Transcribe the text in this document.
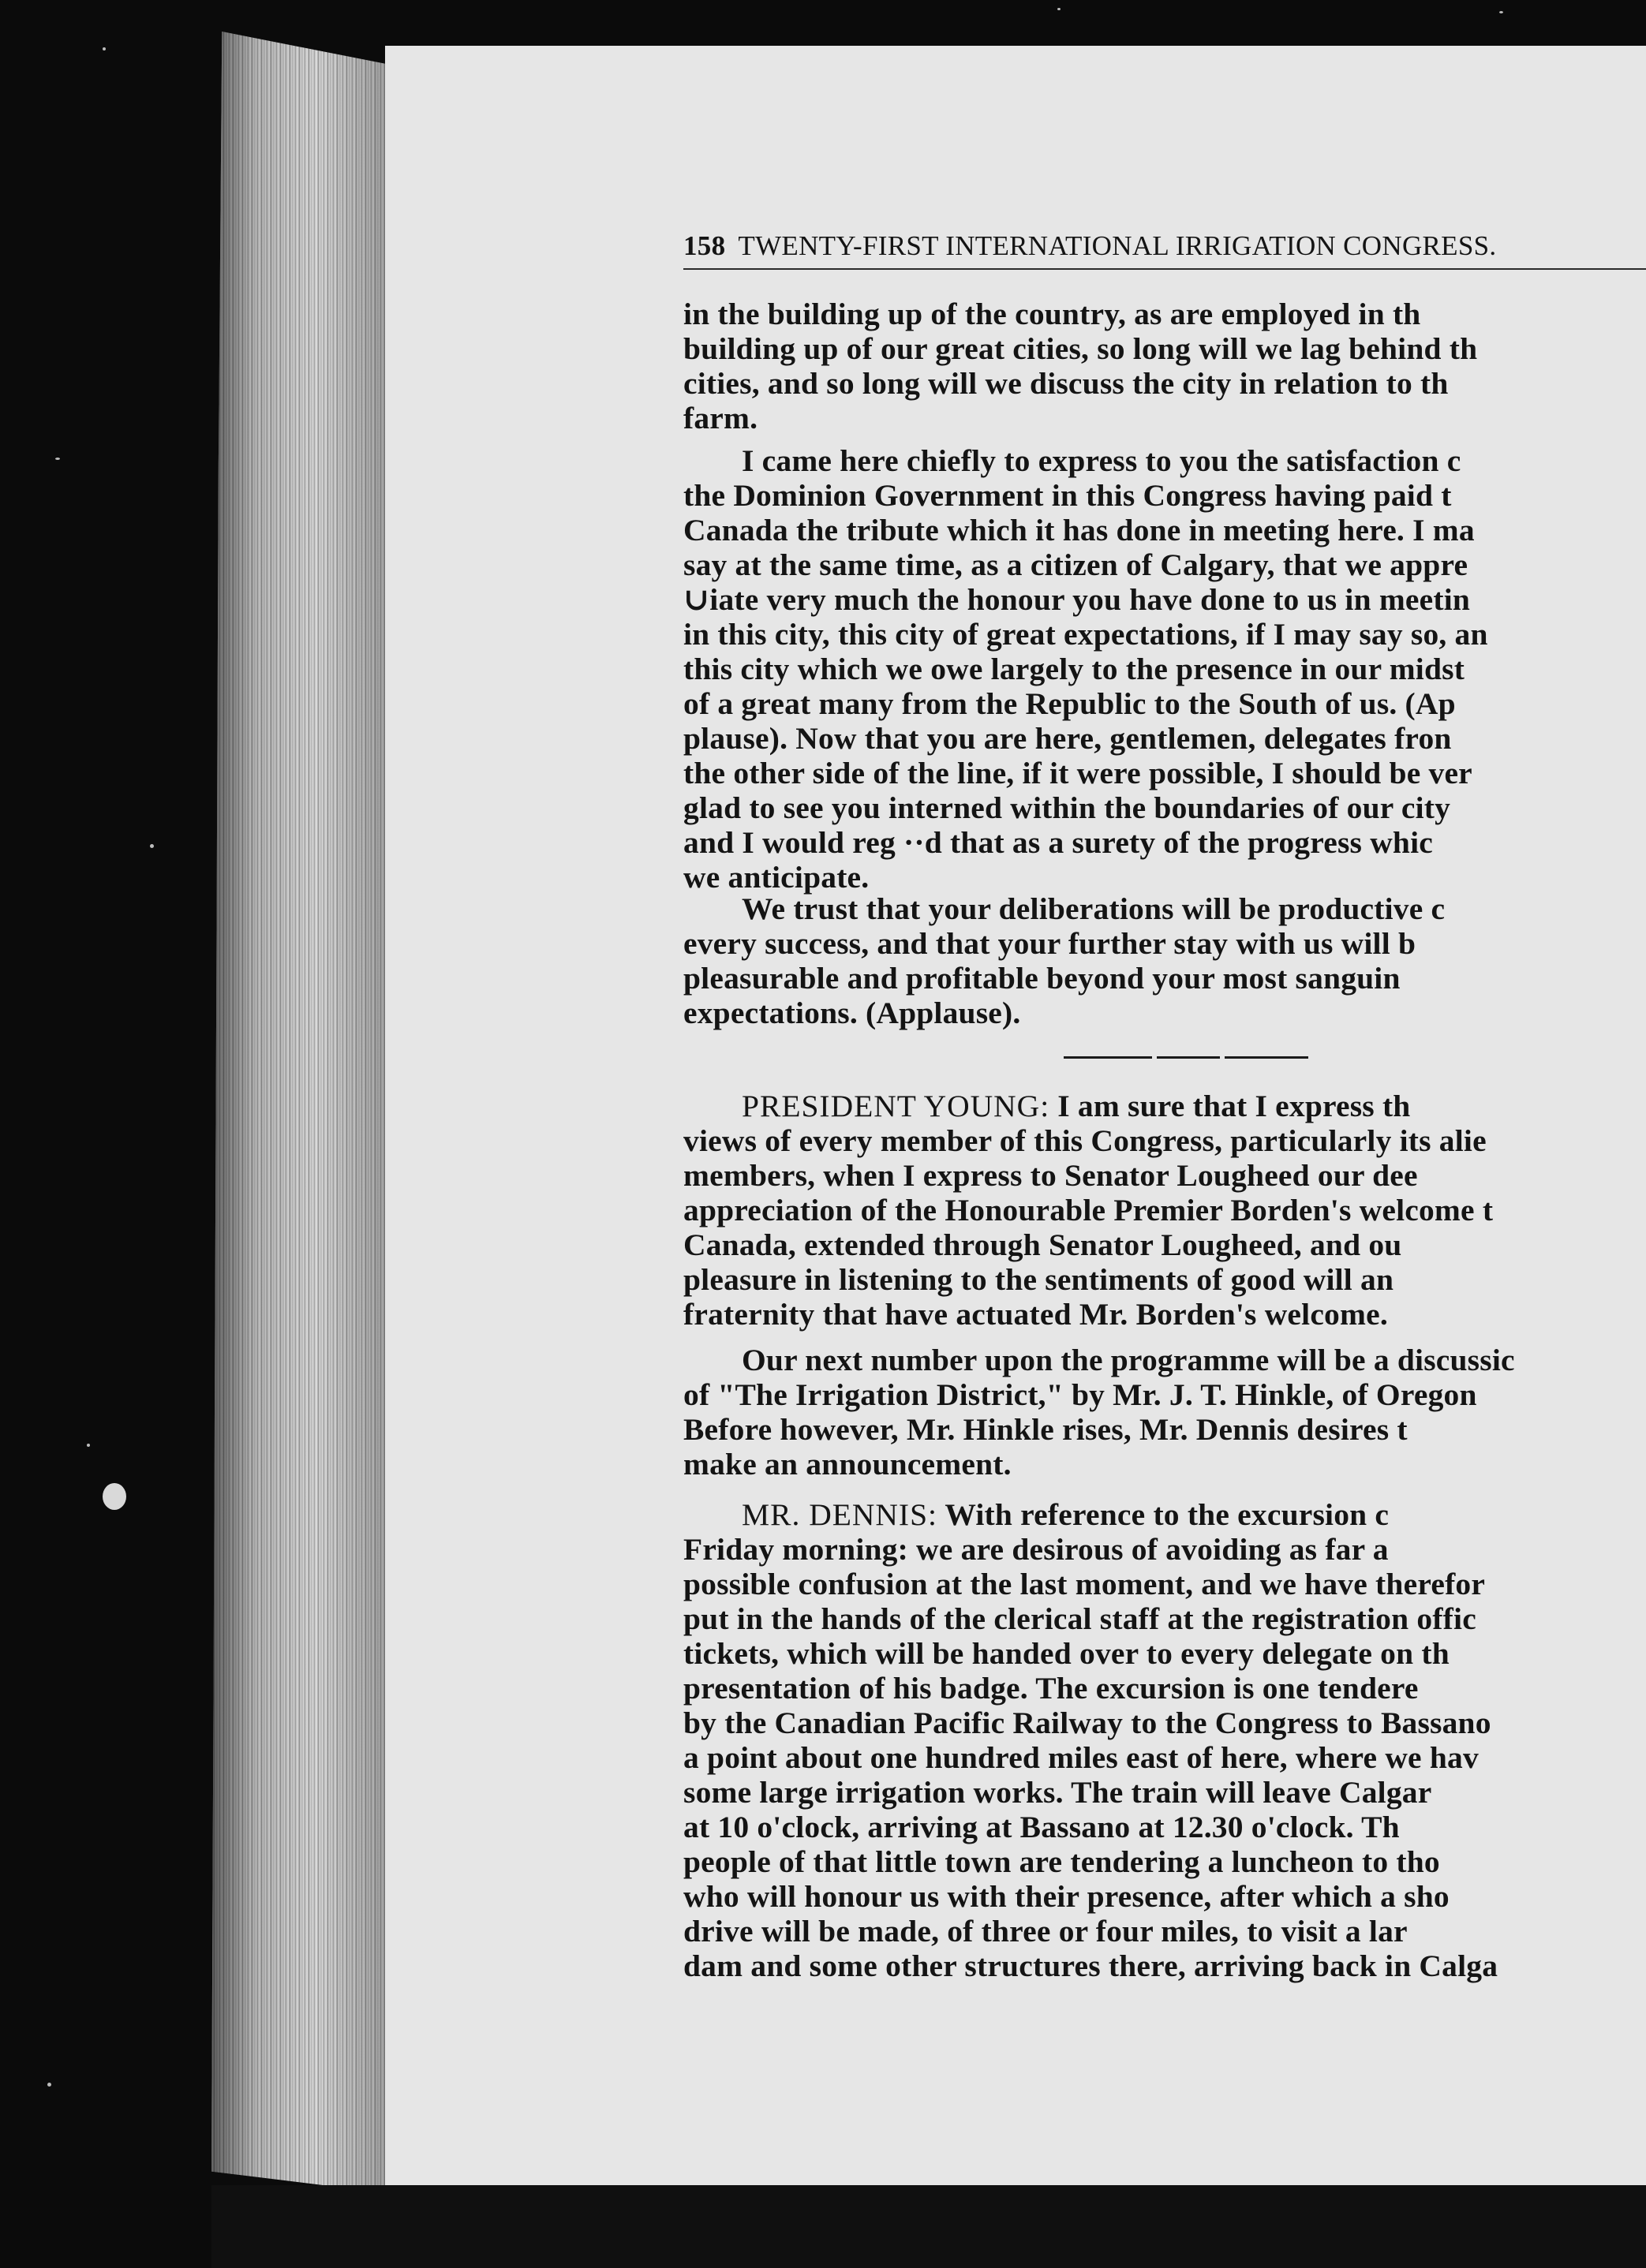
158 TWENTY-FIRST INTERNATIONAL IRRIGATION CONGRESS.
in the building up of the country, as are employed in th
building up of our great cities, so long will we lag behind th
cities, and so long will we discuss the city in relation to th
farm.
I came here chiefly to express to you the satisfaction c
the Dominion Government in this Congress having paid t
Canada the tribute which it has done in meeting here. I ma
say at the same time, as a citizen of Calgary, that we appre
∪iate very much the honour you have done to us in meetin
in this city, this city of great expectations, if I may say so, an
this city which we owe largely to the presence in our midst
of a great many from the Republic to the South of us. (Ap
plause). Now that you are here, gentlemen, delegates fron
the other side of the line, if it were possible, I should be ver
glad to see you interned within the boundaries of our city
and I would reg ··d that as a surety of the progress whic
we anticipate.
We trust that your deliberations will be productive c
every success, and that your further stay with us will b
pleasurable and profitable beyond your most sanguin
expectations. (Applause).
PRESIDENT YOUNG: I am sure that I express th
views of every member of this Congress, particularly its alie
members, when I express to Senator Lougheed our dee
appreciation of the Honourable Premier Borden's welcome t
Canada, extended through Senator Lougheed, and ou
pleasure in listening to the sentiments of good will an
fraternity that have actuated Mr. Borden's welcome.
Our next number upon the programme will be a discussic
of "The Irrigation District," by Mr. J. T. Hinkle, of Oregon
Before however, Mr. Hinkle rises, Mr. Dennis desires t
make an announcement.
MR. DENNIS: With reference to the excursion c
Friday morning: we are desirous of avoiding as far a
possible confusion at the last moment, and we have therefor
put in the hands of the clerical staff at the registration offic
tickets, which will be handed over to every delegate on th
presentation of his badge. The excursion is one tendere
by the Canadian Pacific Railway to the Congress to Bassano
a point about one hundred miles east of here, where we hav
some large irrigation works. The train will leave Calgar
at 10 o'clock, arriving at Bassano at 12.30 o'clock. Th
people of that little town are tendering a luncheon to tho
who will honour us with their presence, after which a sho
drive will be made, of three or four miles, to visit a lar
dam and some other structures there, arriving back in Calga
